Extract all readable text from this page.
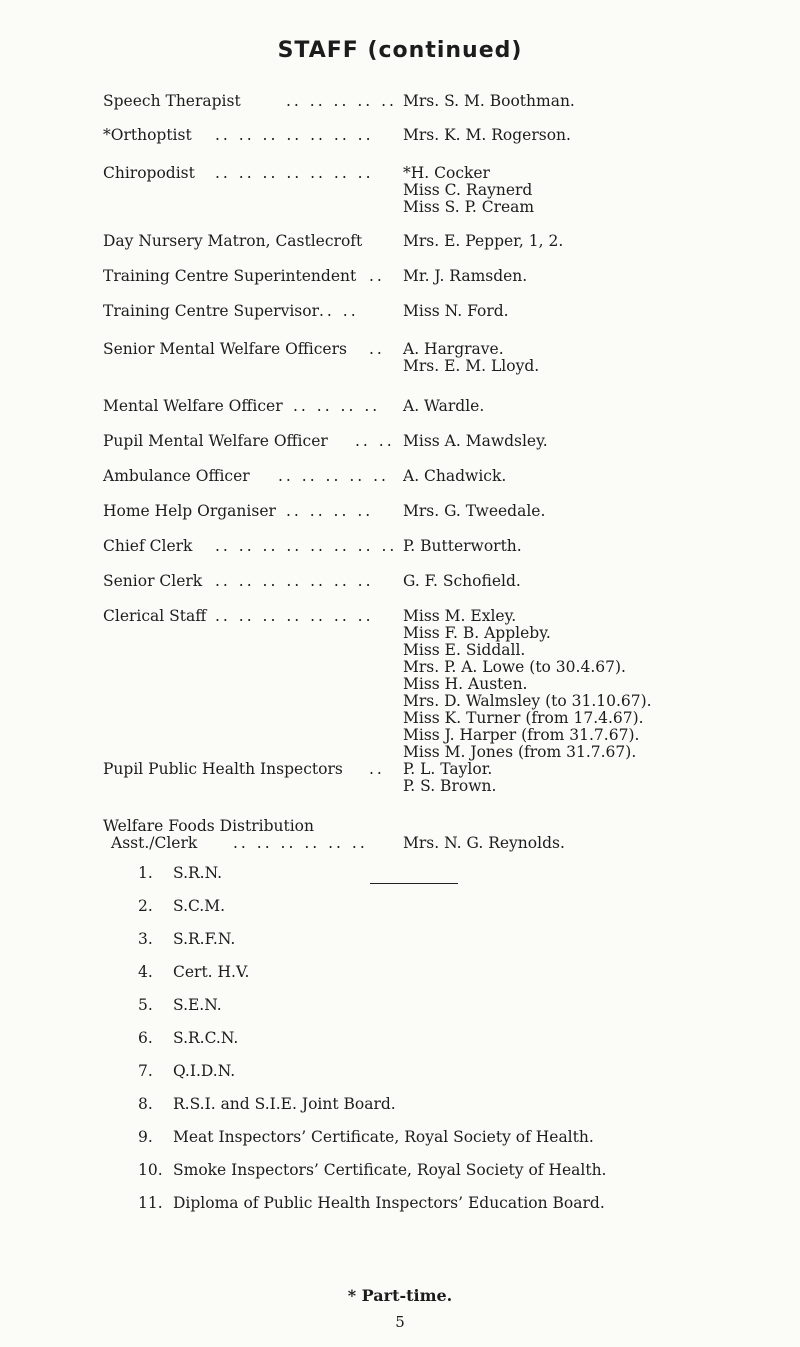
STAFF (continued)
Speech Therapist	.. .. .. .. .. Mrs. S. M. Boothman.
*Orthoptist .. .. .. .. .. .. .. Mrs. K. M. Rogerson.
Chiropodist .. .. .. .. .. .. .. *H. Cocker
Miss C. Raynerd
Miss S. P. Cream
Day Nursery Matron, Castlecroft	Mrs. E. Pepper, 1, 2.
Training Centre Superintendent .. Mr. J. Ramsden.
Training Centre Supervisor .. ..	Miss N. Ford.
Senior Mental Welfare Officers .. A. Hargrave.
Mrs. E. M. Lloyd.
Mental Welfare Officer .. .. .. .. A. Wardle.
Pupil Mental Welfare Officer .. .. Miss A. Mawdsley.
Ambulance Officer .. .. .. .. .. A. Chadwick.
Home Help Organiser .. .. .. .. Mrs. G. Tweedale.
Chief Clerk .. .. .. .. .. .. .. .. P. Butterworth.
Senior Clerk .. .. .. .. .. .. .. G. F. Schofield.
Clerical Staff .. .. .. .. .. .. .. Miss M. Exley.
Miss F. B. Appleby.
Miss E. Siddall.
Mrs. P. A. Lowe (to 30.4.67).
Miss H. Austen.
Mrs. D. Walmsley (to 31.10.67).
Miss K. Turner (from 17.4.67).
Miss J. Harper (from 31.7.67).
Miss M. Jones (from 31.7.67).
Pupil Public Health Inspectors .. P. L. Taylor.
P. S. Brown.
Welfare Foods Distribution
Asst./Clerk .. .. .. .. .. .. Mrs. N. G. Reynolds.
1. S.R.N.
2. S.C.M.
3. S.R.F.N.
4. Cert. H.V.
5. S.E.N.
6. S.R.C.N.
7. Q.I.D.N.
8. R.S.I. and S.I.E. Joint Board.
9. Meat Inspectors’ Certificate, Royal Society of Health.
10. Smoke Inspectors’ Certificate, Royal Society of Health.
11. Diploma of Public Health Inspectors’ Education Board.
* Part-time.
5
